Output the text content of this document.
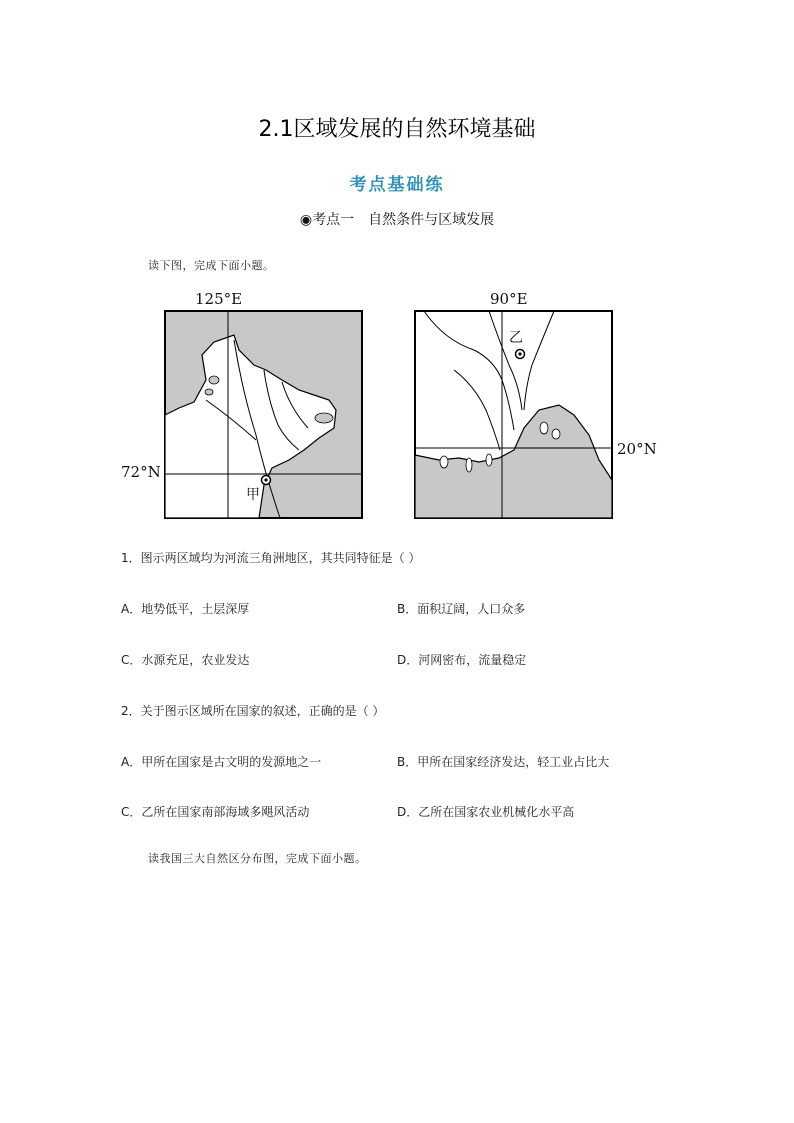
2.1区域发展的自然环境基础
考点基础练
◉考点一　自然条件与区域发展
读下图，完成下面小题。
125°E
72°N
甲
90°E
20°N
乙
1．图示两区域均为河流三角洲地区，其共同特征是（ ）
A．地势低平，土层深厚	B．面积辽阔，人口众多
C．水源充足，农业发达	D．河网密布，流量稳定
2．关于图示区域所在国家的叙述，正确的是（ ）
A．甲所在国家是古文明的发源地之一	B．甲所在国家经济发达，轻工业占比大
C．乙所在国家南部海域多飓风活动	D．乙所在国家农业机械化水平高
读我国三大自然区分布图，完成下面小题。
